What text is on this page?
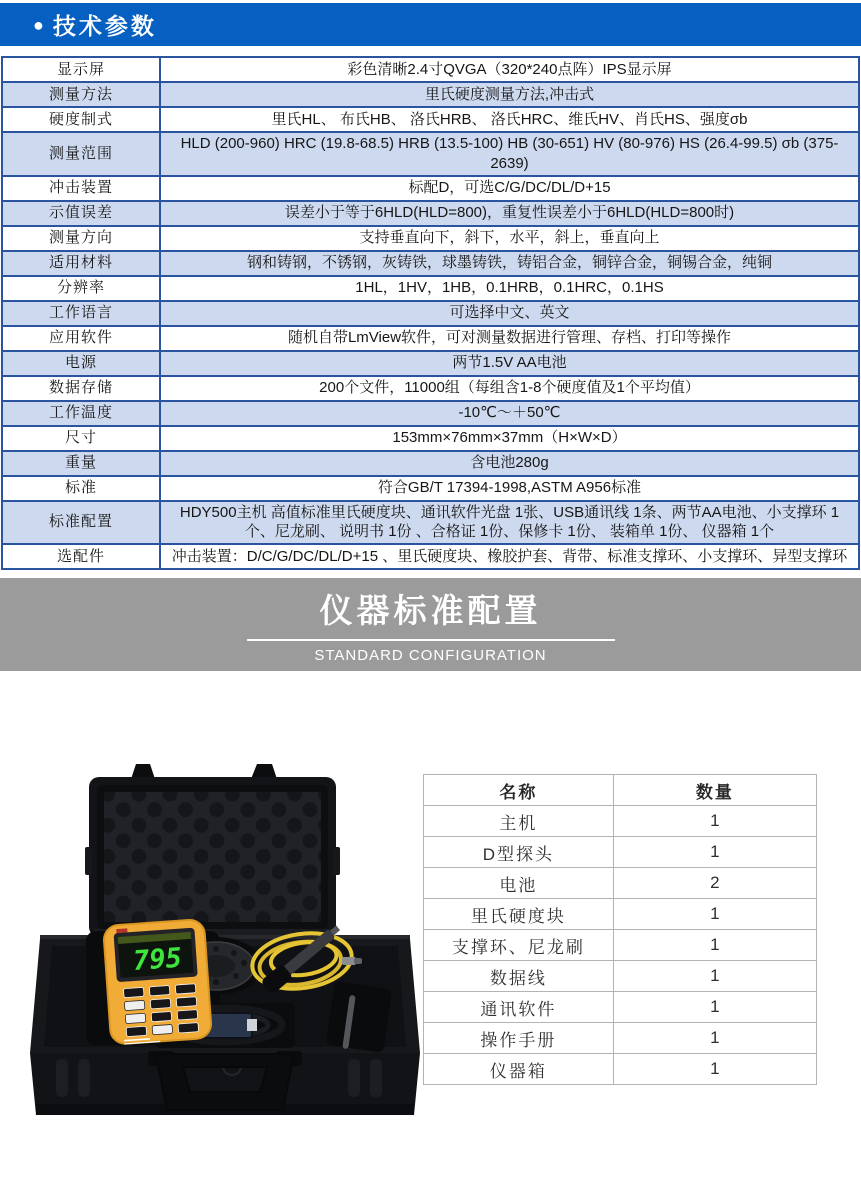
● 技术参数
显示屏	彩色清晰2.4寸QVGA（320*240点阵）IPS显示屏
测量方法	里氏硬度测量方法,冲击式
硬度制式	里氏HL、 布氏HB、 洛氏HRB、 洛氏HRC、维氏HV、肖氏HS、强度σb
测量范围	HLD (200-960) HRC (19.8-68.5) HRB (13.5-100) HB (30-651) HV (80-976) HS (26.4-99.5) σb (375-2639)
冲击装置	标配D，可选C/G/DC/DL/D+15
示值误差	误差小于等于6HLD(HLD=800)，重复性误差小于6HLD(HLD=800时)
测量方向	支持垂直向下，斜下，水平，斜上，垂直向上
适用材料	钢和铸钢，不锈钢，灰铸铁，球墨铸铁，铸铝合金，铜锌合金，铜锡合金，纯铜
分辨率	1HL，1HV，1HB，0.1HRB，0.1HRC，0.1HS
工作语言	可选择中文、英文
应用软件	随机自带LmView软件，可对测量数据进行管理、存档、打印等操作
电源	两节1.5V AA电池
数据存储	200个文件，11000组（每组含1-8个硬度值及1个平均值）
工作温度	-10℃～＋50℃
尺寸	153mm×76mm×37mm（H×W×D）
重量	含电池280g
标准	符合GB/T 17394-1998,ASTM A956标准
标准配置	HDY500主机 高值标准里氏硬度块、通讯软件光盘 1张、USB通讯线 1条、两节AA电池、小支撑环 1个、尼龙刷、 说明书 1份 、合格证 1份、保修卡 1份、 装箱单 1份、 仪器箱 1个
选配件	冲击装置：D/C/G/DC/DL/D+15 、里氏硬度块、橡胶护套、背带、标准支撑环、小支撑环、异型支撑环
仪器标准配置
STANDARD CONFIGURATION
795
名称	数量
主机	1
D型探头	1
电池	2
里氏硬度块	1
支撑环、尼龙刷	1
数据线	1
通讯软件	1
操作手册	1
仪器箱	1
